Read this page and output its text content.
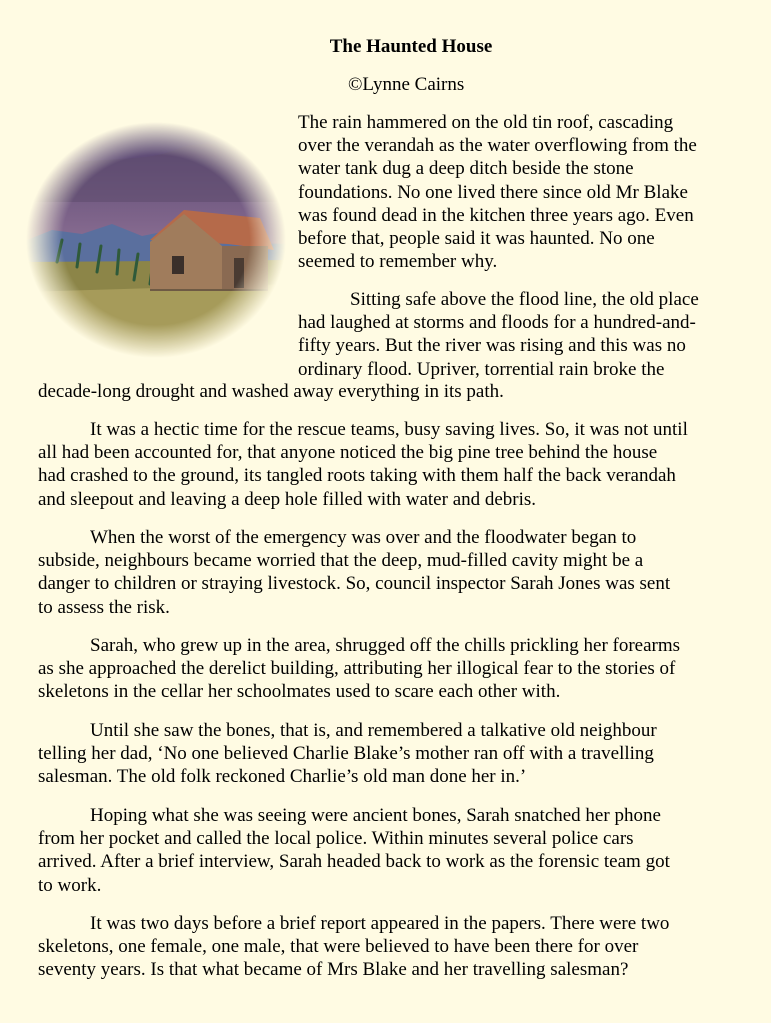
The Haunted House
©Lynne Cairns
The rain hammered on the old tin roof, cascading
over the verandah as the water overflowing from the
water tank dug a deep ditch beside the stone
foundations. No one lived there since old Mr Blake
was found dead in the kitchen three years ago. Even
before that, people said it was haunted. No one
seemed to remember why.
Sitting safe above the flood line, the old place
had laughed at storms and floods for a hundred-and-
fifty years. But the river was rising and this was no
ordinary flood. Upriver, torrential rain broke the
decade-long drought and washed away everything in its path.
It was a hectic time for the rescue teams, busy saving lives. So, it was not until
all had been accounted for, that anyone noticed the big pine tree behind the house
had crashed to the ground, its tangled roots taking with them half the back verandah
and sleepout and leaving a deep hole filled with water and debris.
When the worst of the emergency was over and the floodwater began to
subside, neighbours became worried that the deep, mud-filled cavity might be a
danger to children or straying livestock. So, council inspector Sarah Jones was sent
to assess the risk.
Sarah, who grew up in the area, shrugged off the chills prickling her forearms
as she approached the derelict building, attributing her illogical fear to the stories of
skeletons in the cellar her schoolmates used to scare each other with.
Until she saw the bones, that is, and remembered a talkative old neighbour
telling her dad, ‘No one believed Charlie Blake’s mother ran off with a travelling
salesman. The old folk reckoned Charlie’s old man done her in.’
Hoping what she was seeing were ancient bones, Sarah snatched her phone
from her pocket and called the local police. Within minutes several police cars
arrived. After a brief interview, Sarah headed back to work as the forensic team got
to work.
It was two days before a brief report appeared in the papers. There were two
skeletons, one female, one male, that were believed to have been there for over
seventy years. Is that what became of Mrs Blake and her travelling salesman?
